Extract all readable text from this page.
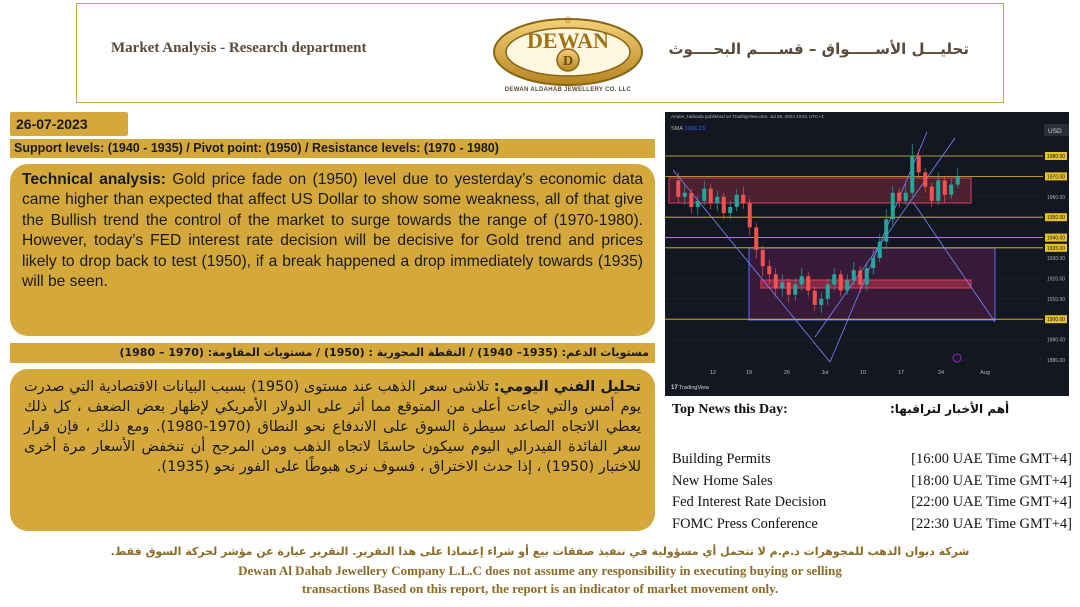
Market Analysis - Research department
D
DEWAN
®
DEWAN ALDAHAB JEWELLERY CO. LLC
تحليـــل الأســـــواق – قســــم البحــــوث
26-07-2023
Support levels: (1940 - 1935) / Pivot point: (1950) / Resistance levels: (1970 - 1980)
Technical analysis: Gold price fade on (1950) level due to yesterday’s economic data came higher than expected that affect US Dollar to show some weakness, all of that give the Bullish trend the control of the market to surge towards the range of (1970-1980). However, today’s FED interest rate decision will be decisive for Gold trend and prices likely to drop back to test (1950), if a break happened a drop immediately towards (1935) will be seen.
مستويات الدعم: (1935– 1940) / النقطة المحورية : (1950) / مستويات المقاومة: (1970 – 1980)
تحليل الفني اليومي: تلاشى سعر الذهب عند مستوى (1950) بسبب البيانات الاقتصادية التي صدرت يوم أمس والتي جاءت أعلى من المتوقع مما أثر على الدولار الأمريكي لإظهار بعض الضعف ، كل ذلك يعطي الاتجاه الصاعد سيطرة السوق على الاندفاع نحو النطاق (1970-1980). ومع ذلك ، فإن قرار سعر الفائدة الفيدرالي اليوم سيكون حاسمًا لاتجاه الذهب ومن المرجح أن تنخفض الأسعار مرة أخرى للاختبار (1950) ، إذا حدث الاختراق ، فسوف نرى هبوطًا على الفور نحو (1935).
USD
Amine_Haboula published on TradingView.com, Jul 26, 2023 10:51 UTC+4
SMA 1966.23
1980.00
1970.00
1960.00
1950.00
1940.00
1935.00
1930.00
1920.00
1910.00
1900.00
1890.00
1880.00
12	19	26	Jul	10	17	24	Aug
17 TradingView
Top News this Day:	أهم الأخبار لتراقبها:
Building Permits	[16:00 UAE Time GMT+4]
New Home Sales	[18:00 UAE Time GMT+4]
Fed Interest Rate Decision	[22:00 UAE Time GMT+4]
FOMC Press Conference	[22:30 UAE Time GMT+4]
شركة ديوان الذهب للمجوهرات ذ.م.م لا تتحمل أي مسؤولية في تنفيذ صفقات بيع أو شراء إعتمادا على هذا التقرير. التقرير عبارة عن مؤشر لحركة السوق فقط.
Dewan Al Dahab Jewellery Company L.L.C does not assume any responsibility in executing buying or selling
transactions Based on this report, the report is an indicator of market movement only.
